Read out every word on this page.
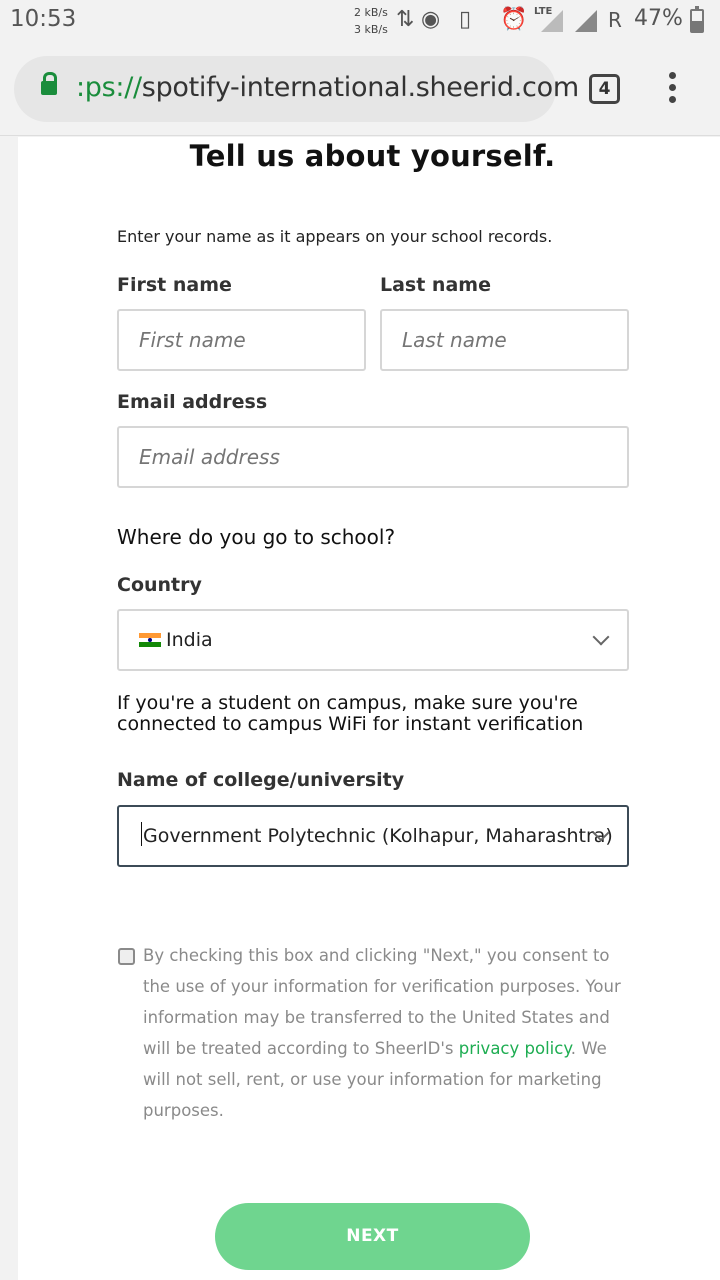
10:53	2 kB/s
3 kB/s ⇅ ◉ ▯ ⏰ LTE	R 47%
:ps://spotify-international.sheerid.com	4
Tell us about yourself.
Enter your name as it appears on your school records.
First name	Last name
First name
Last name
Email address
Email address
Where do you go to school?
Country
India
If you're a student on campus, make sure you're
connected to campus WiFi for instant verification
Name of college/university
Government Polytechnic (Kolhapur, Maharashtra)
By checking this box and clicking "Next," you consent to the use of your information for verification purposes. Your information may be transferred to the United States and will be treated according to SheerID's privacy policy. We will not sell, rent, or use your information for marketing purposes.
NEXT
